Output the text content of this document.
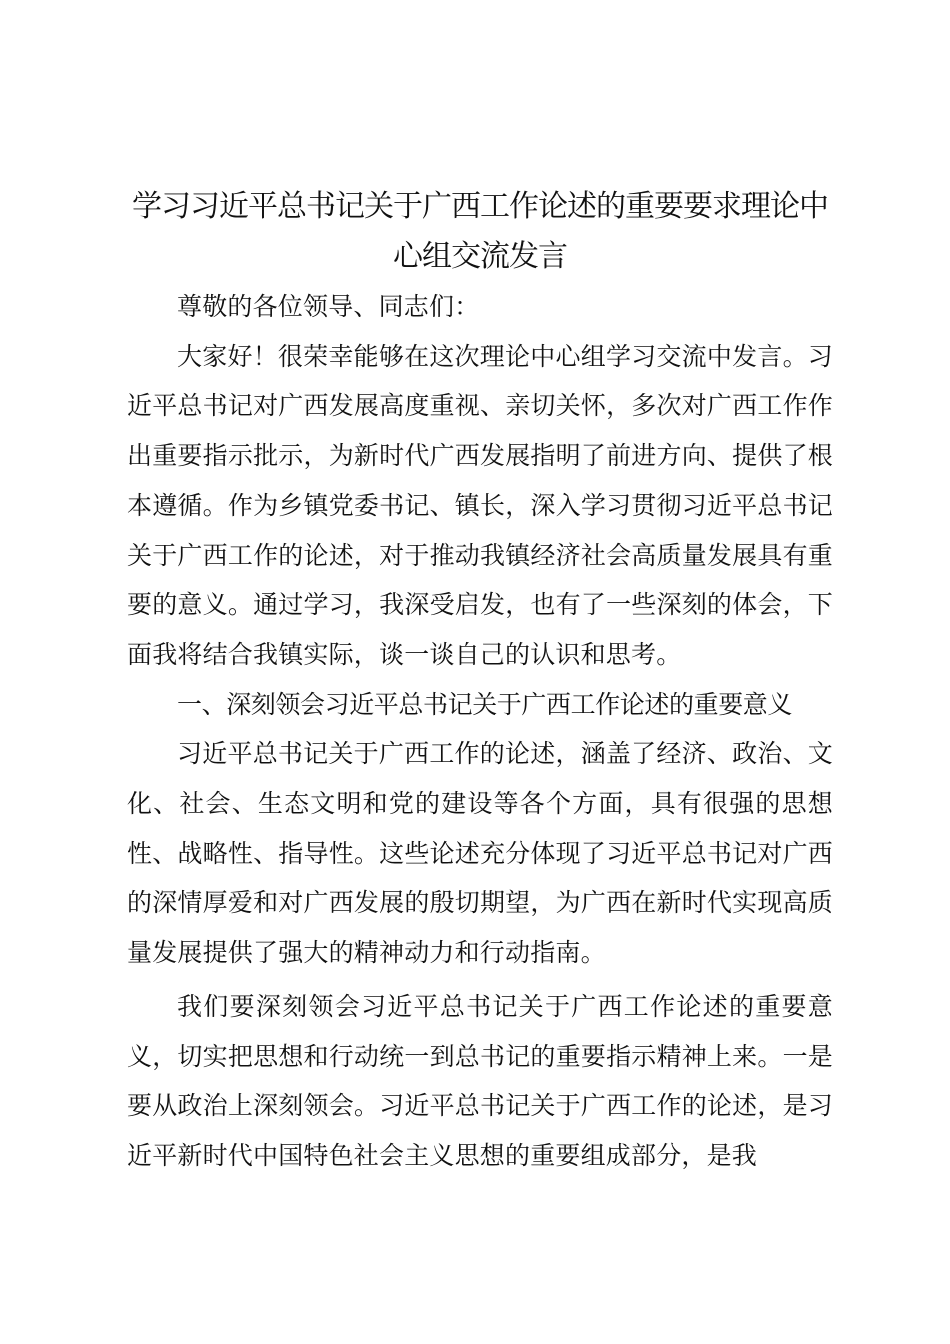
学习习近平总书记关于广西工作论述的重要要求理论中心组交流发言

尊敬的各位领导、同志们：

大家好！很荣幸能够在这次理论中心组学习交流中发言。习近平总书记对广西发展高度重视、亲切关怀，多次对广西工作作出重要指示批示，为新时代广西发展指明了前进方向、提供了根本遵循。作为乡镇党委书记、镇长，深入学习贯彻习近平总书记关于广西工作的论述，对于推动我镇经济社会高质量发展具有重要的意义。通过学习，我深受启发，也有了一些深刻的体会，下面我将结合我镇实际，谈一谈自己的认识和思考。

一、深刻领会习近平总书记关于广西工作论述的重要意义

习近平总书记关于广西工作的论述，涵盖了经济、政治、文化、社会、生态文明和党的建设等各个方面，具有很强的思想性、战略性、指导性。这些论述充分体现了习近平总书记对广西的深情厚爱和对广西发展的殷切期望，为广西在新时代实现高质量发展提供了强大的精神动力和行动指南。

我们要深刻领会习近平总书记关于广西工作论述的重要意义，切实把思想和行动统一到总书记的重要指示精神上来。一是要从政治上深刻领会。习近平总书记关于广西工作的论述，是习近平新时代中国特色社会主义思想的重要组成部分，是我
